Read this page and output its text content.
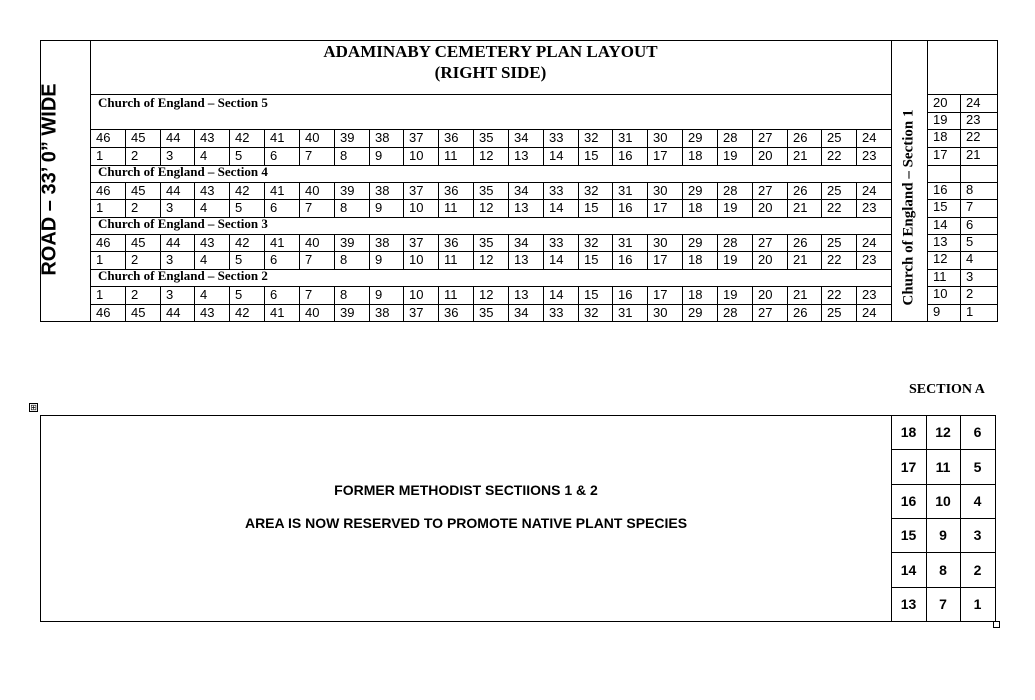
ADAMINABY CEMETERY PLAN LAYOUT
(RIGHT SIDE)
ROAD – 33’ 0” WIDE	Church of England – Section 1
Church of England – Section 5
46	45	44	43	42	41	40	39	38	37	36	35	34	33	32	31	30	29	28	27	26	25	24
1	2	3	4	5	6	7	8	9	10	11	12	13	14	15	16	17	18	19	20	21	22	23
Church of England – Section 4
46	45	44	43	42	41	40	39	38	37	36	35	34	33	32	31	30	29	28	27	26	25	24
1	2	3	4	5	6	7	8	9	10	11	12	13	14	15	16	17	18	19	20	21	22	23
Church of England – Section 3
46	45	44	43	42	41	40	39	38	37	36	35	34	33	32	31	30	29	28	27	26	25	24
1	2	3	4	5	6	7	8	9	10	11	12	13	14	15	16	17	18	19	20	21	22	23
Church of England – Section 2
1	2	3	4	5	6	7	8	9	10	11	12	13	14	15	16	17	18	19	20	21	22	23
46	45	44	43	42	41	40	39	38	37	36	35	34	33	32	31	30	29	28	27	26	25	24
20	24
19	23
18	22
17	21
16	8
15	7
14	6
13	5
12	4
11	3
10	2
9	1
SECTION A
⊞
FORMER METHODIST SECTIIONS 1 & 2
AREA IS NOW RESERVED TO PROMOTE NATIVE PLANT SPECIES
18	12	6
17	11	5
16	10	4
15	9	3
14	8	2
13	7	1
